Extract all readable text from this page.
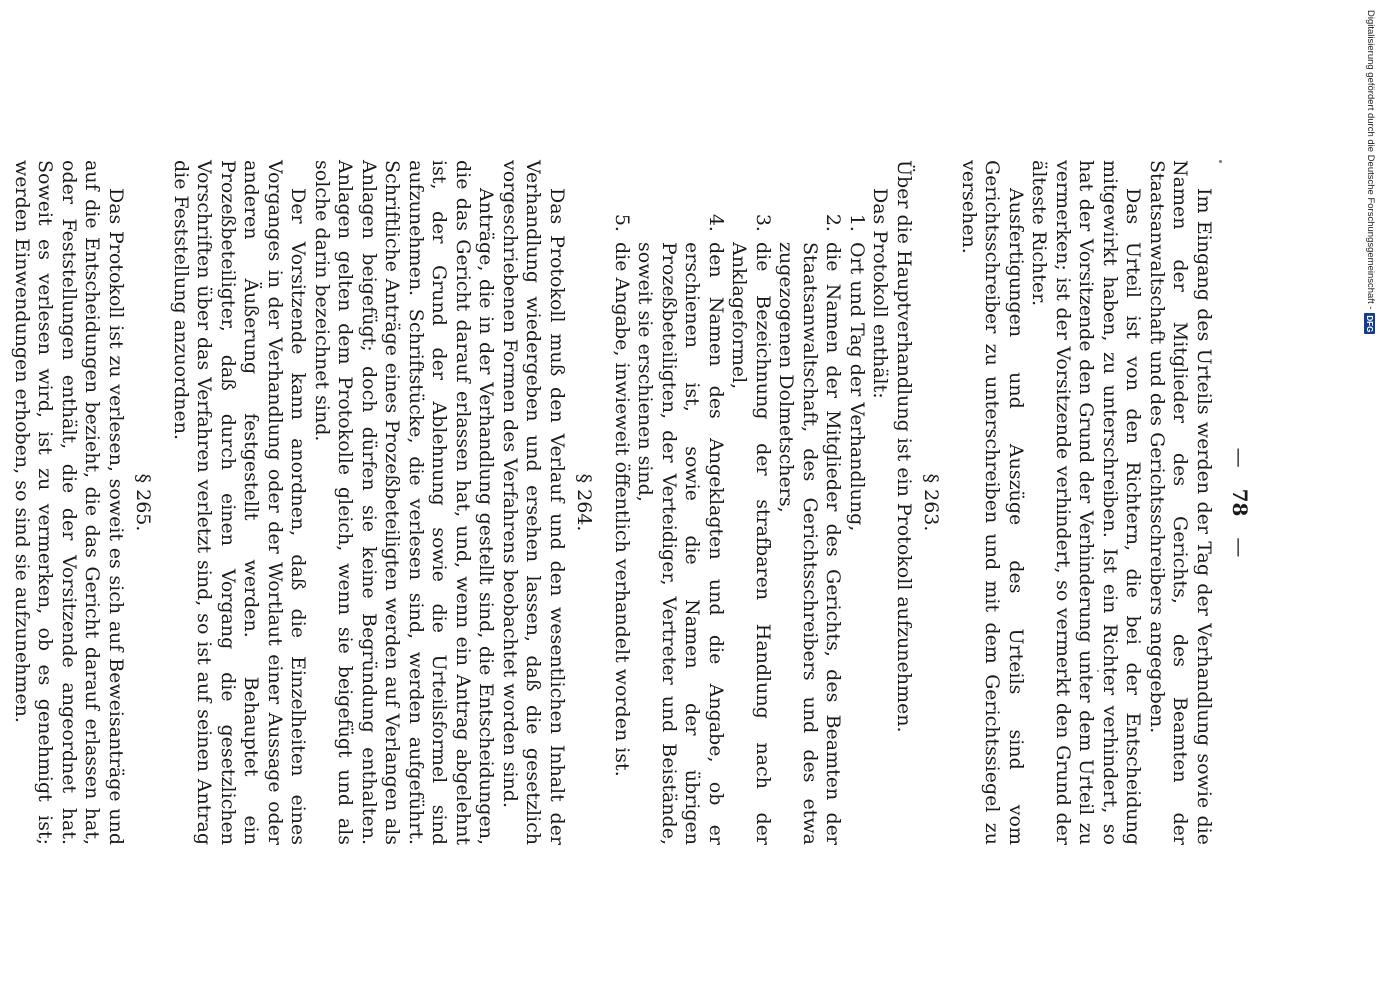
— 78 —

Im Eingang des Urteils werden der Tag der Verhandlung sowie die Namen der Mitglieder des Gerichts, des Beamten der Staatsanwaltschaft und des Gerichtsschreibers angegeben.

Das Urteil ist von den Richtern, die bei der Entscheidung mitgewirkt haben, zu unterschreiben. Ist ein Richter verhindert, so hat der Vorsitzende den Grund der Verhinderung unter dem Urteil zu vermerken; ist der Vorsitzende verhindert, so vermerkt den Grund der älteste Richter.

Ausfertigungen und Auszüge des Urteils sind vom Gerichtsschreiber zu unterschreiben und mit dem Gerichtssiegel zu versehen.

§ 263.

Über die Hauptverhandlung ist ein Protokoll aufzunehmen.

Das Protokoll enthält:

1. Ort und Tag der Verhandlung,
2. die Namen der Mitglieder des Gerichts, des Beamten der Staatsanwaltschaft, des Gerichtsschreibers und des etwa zugezogenen Dolmetschers,
3. die Bezeichnung der strafbaren Handlung nach der Anklageformel,
4. den Namen des Angeklagten und die Angabe, ob er erschienen ist, sowie die Namen der übrigen Prozeßbeteiligten, der Verteidiger, Vertreter und Beistände, soweit sie erschienen sind,
5. die Angabe, inwieweit öffentlich verhandelt worden ist.
§ 264.

Das Protokoll muß den Verlauf und den wesentlichen Inhalt der Verhandlung wiedergeben und ersehen lassen, daß die gesetzlich vorgeschriebenen Formen des Verfahrens beobachtet worden sind.

Anträge, die in der Verhandlung gestellt sind, die Entscheidungen, die das Gericht darauf erlassen hat, und, wenn ein Antrag abgelehnt ist, der Grund der Ablehnung sowie die Urteilsformel sind aufzunehmen. Schriftstücke, die verlesen sind, werden aufgeführt. Schriftliche Anträge eines Prozeßbeteiligten werden auf Verlangen als Anlagen beigefügt; doch dürfen sie keine Begründung enthalten. Anlagen gelten dem Protokolle gleich, wenn sie beigefügt und als solche darin bezeichnet sind.

Der Vorsitzende kann anordnen, daß die Einzelheiten eines Vorganges in der Verhandlung oder der Wortlaut einer Aussage oder anderen Äußerung festgestellt werden. Behauptet ein Prozeßbeteiligter, daß durch einen Vorgang die gesetzlichen Vorschriften über das Verfahren verletzt sind, so ist auf seinen Antrag die Feststellung anzuordnen.

§ 265.

Das Protokoll ist zu verlesen, soweit es sich auf Beweisanträge und auf die Entscheidungen bezieht, die das Gericht darauf erlassen hat, oder Feststellungen enthält, die der Vorsitzende angeordnet hat. Soweit es verlesen wird, ist zu vermerken, ob es genehmigt ist; werden Einwendungen erhoben, so sind sie aufzunehmen.

Digitalisierung gefördert durch die Deutsche Forschungsgemeinschaft -
DFG
